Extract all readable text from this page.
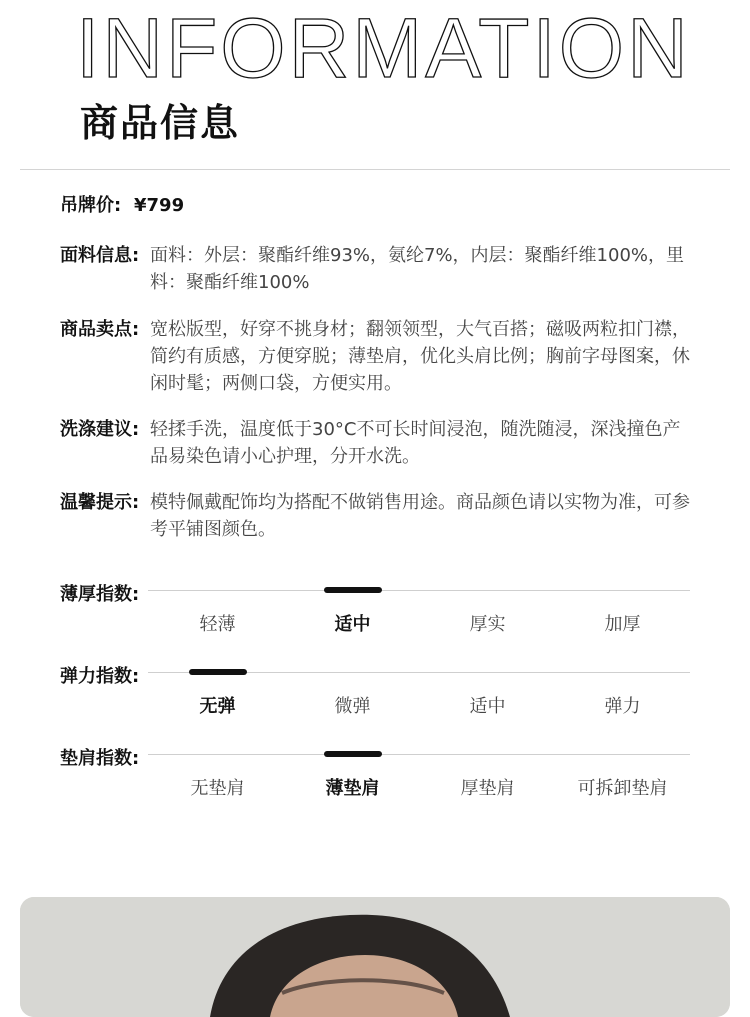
INFORMATION
商品信息
吊牌价: ¥799
面料信息: 面料：外层：聚酯纤维93%，氨纶7%，内层：聚酯纤维100%，里料：聚酯纤维100%
商品卖点: 宽松版型，好穿不挑身材；翻领领型，大气百搭；磁吸两粒扣门襟，简约有质感，方便穿脱；薄垫肩，优化头肩比例；胸前字母图案，休闲时髦；两侧口袋，方便实用。
洗涤建议: 轻揉手洗，温度低于30°C不可长时间浸泡，随洗随浸，深浅撞色产品易染色请小心护理，分开水洗。
温馨提示: 模特佩戴配饰均为搭配不做销售用途。商品颜色请以实物为准，可参考平铺图颜色。
薄厚指数:
轻薄	适中	厚实	加厚
弹力指数:
无弹	微弹	适中	弹力
垫肩指数:
无垫肩	薄垫肩	厚垫肩	可拆卸垫肩
